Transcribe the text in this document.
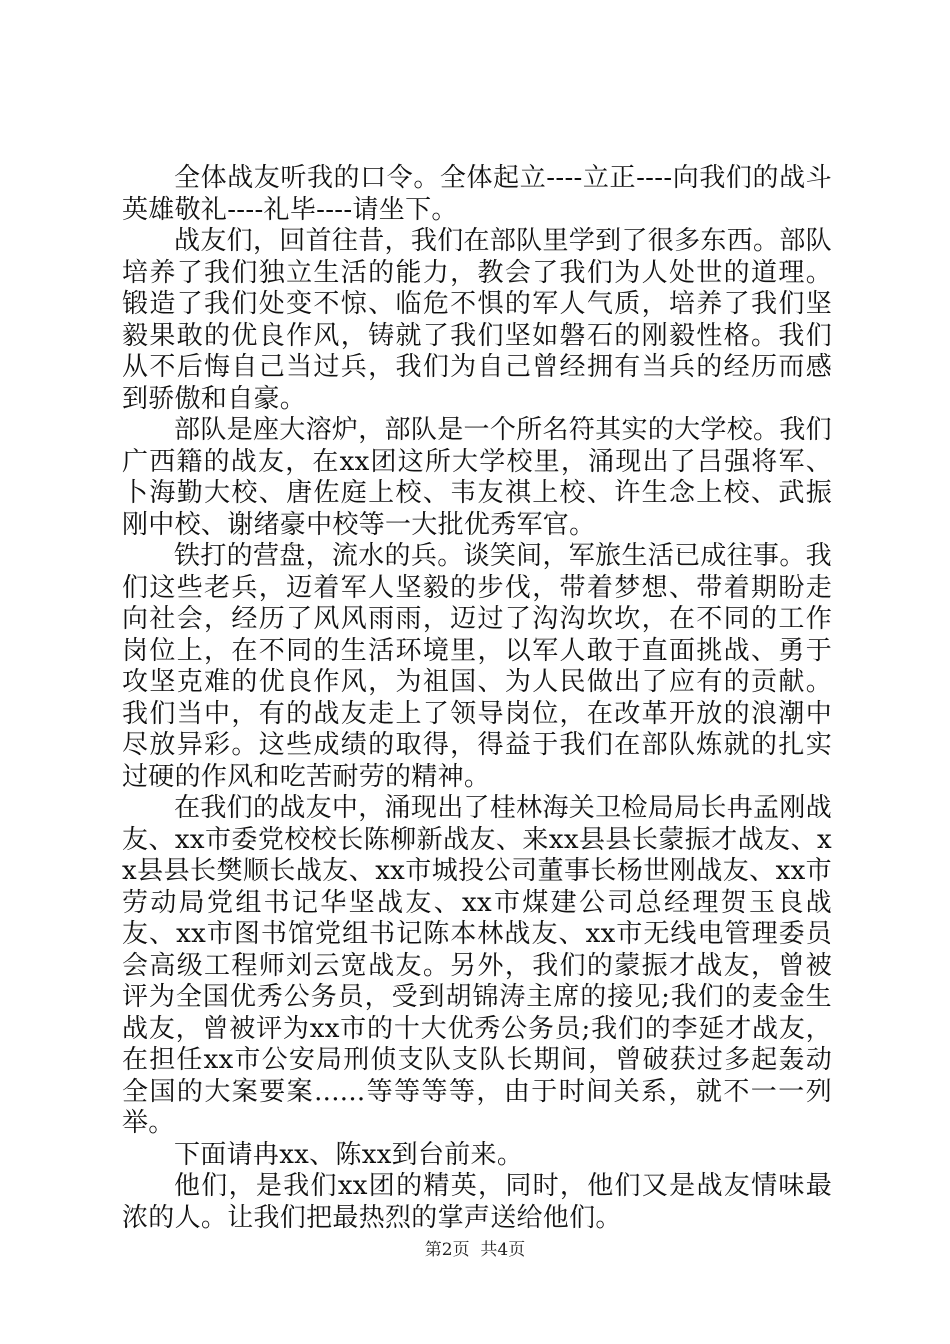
全体战友听我的口令。全体起立----立正----向我们的战斗英雄敬礼----礼毕----请坐下。

战友们，回首往昔，我们在部队里学到了很多东西。部队培养了我们独立生活的能力，教会了我们为人处世的道理。锻造了我们处变不惊、临危不惧的军人气质，培养了我们坚毅果敢的优良作风，铸就了我们坚如磐石的刚毅性格。我们从不后悔自己当过兵，我们为自己曾经拥有当兵的经历而感到骄傲和自豪。

部队是座大溶炉，部队是一个所名符其实的大学校。我们广西籍的战友，在xx团这所大学校里，涌现出了吕强将军、卜海勤大校、唐佐庭上校、韦友祺上校、许生念上校、武振刚中校、谢绪豪中校等一大批优秀军官。

铁打的营盘，流水的兵。谈笑间，军旅生活已成往事。我们这些老兵，迈着军人坚毅的步伐，带着梦想、带着期盼走向社会，经历了风风雨雨，迈过了沟沟坎坎，在不同的工作岗位上，在不同的生活环境里，以军人敢于直面挑战、勇于攻坚克难的优良作风，为祖国、为人民做出了应有的贡献。我们当中，有的战友走上了领导岗位，在改革开放的浪潮中尽放异彩。这些成绩的取得，得益于我们在部队炼就的扎实过硬的作风和吃苦耐劳的精神。

在我们的战友中，涌现出了桂林海关卫检局局长冉孟刚战友、xx市委党校校长陈柳新战友、来xx县县长蒙振才战友、xx县县长樊顺长战友、xx市城投公司董事长杨世刚战友、xx市劳动局党组书记华坚战友、xx市煤建公司总经理贺玉良战友、xx市图书馆党组书记陈本林战友、xx市无线电管理委员会高级工程师刘云宽战友。另外，我们的蒙振才战友，曾被评为全国优秀公务员，受到胡锦涛主席的接见;我们的麦金生战友，曾被评为xx市的十大优秀公务员;我们的李延才战友，在担任xx市公安局刑侦支队支队长期间，曾破获过多起轰动全国的大案要案......等等等等，由于时间关系，就不一一列举。

下面请冉xx、陈xx到台前来。

他们，是我们xx团的精英，同时，他们又是战友情味最浓的人。让我们把最热烈的掌声送给他们。

第2页  共4页
